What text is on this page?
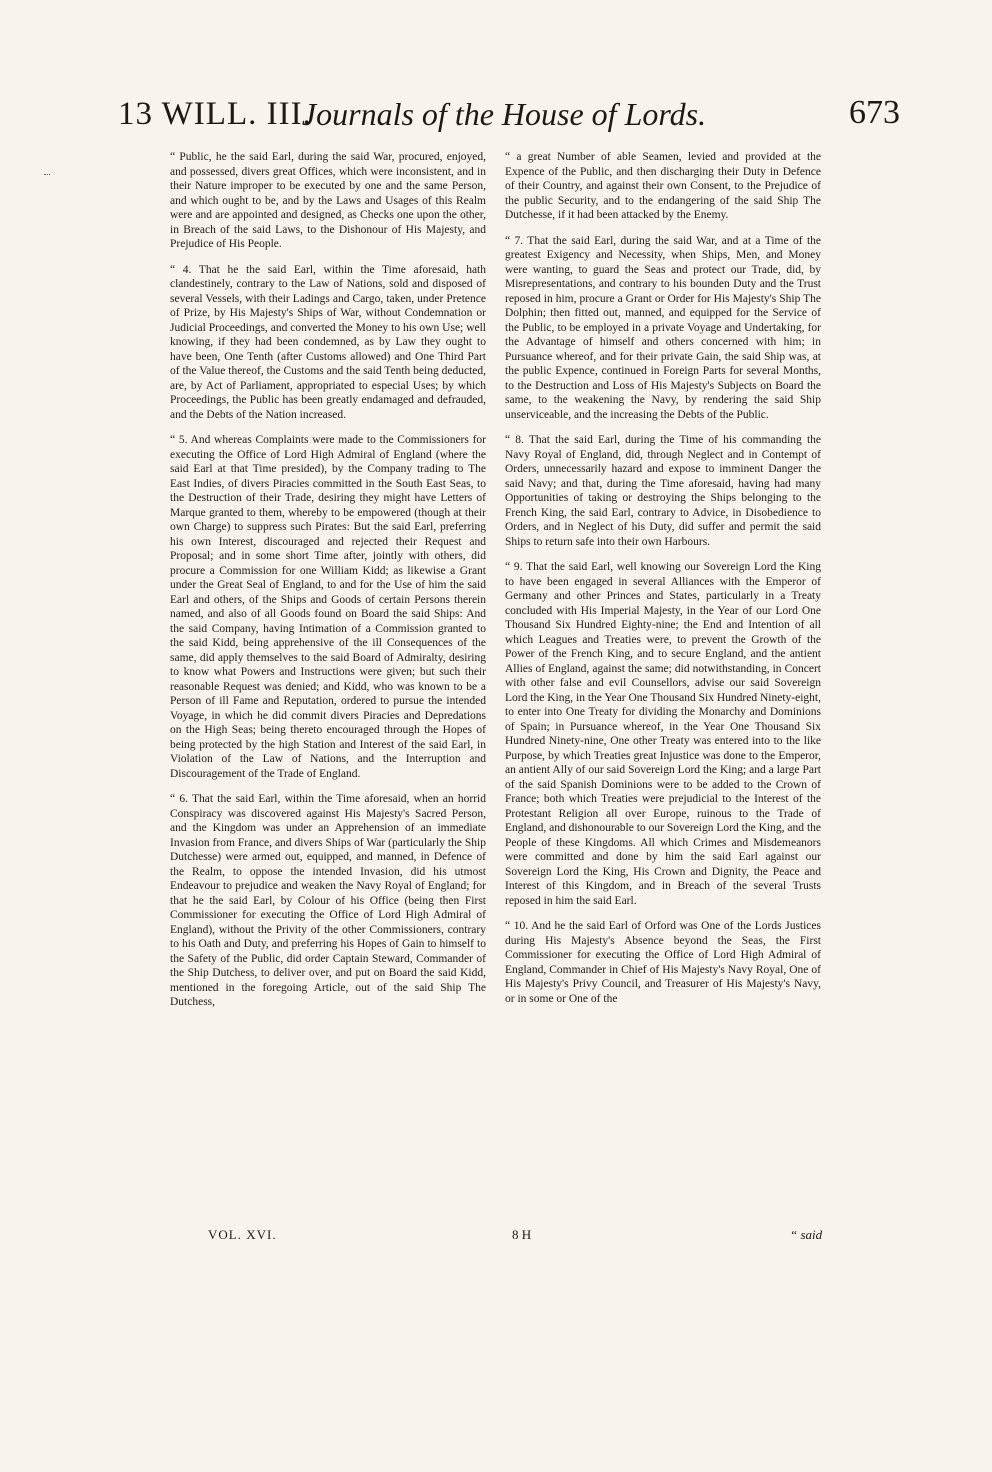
13 WILL. III.
Journals of the House of Lords.	673

“ Public, he the said Earl, during the said War, procured, enjoyed, and possessed, divers great Offices, which were inconsistent, and in their Nature improper to be executed by one and the same Person, and which ought to be, and by the Laws and Usages of this Realm were and are appointed and designed, as Checks one upon the other, in Breach of the said Laws, to the Dishonour of His Majesty, and Prejudice of His People.

“ 4. That he the said Earl, within the Time aforesaid, hath clandestinely, contrary to the Law of Nations, sold and disposed of several Vessels, with their Ladings and Cargo, taken, under Pretence of Prize, by His Majesty's Ships of War, without Condemnation or Judicial Proceedings, and converted the Money to his own Use; well knowing, if they had been condemned, as by Law they ought to have been, One Tenth (after Customs allowed) and One Third Part of the Value thereof, the Customs and the said Tenth being deducted, are, by Act of Parliament, appropriated to especial Uses; by which Proceedings, the Public has been greatly endamaged and defrauded, and the Debts of the Nation increased.

“ 5. And whereas Complaints were made to the Commissioners for executing the Office of Lord High Admiral of England (where the said Earl at that Time presided), by the Company trading to The East Indies, of divers Piracies committed in the South East Seas, to the Destruction of their Trade, desiring they might have Letters of Marque granted to them, whereby to be empowered (though at their own Charge) to suppress such Pirates: But the said Earl, preferring his own Interest, discouraged and rejected their Request and Proposal; and in some short Time after, jointly with others, did procure a Commission for one William Kidd; as likewise a Grant under the Great Seal of England, to and for the Use of him the said Earl and others, of the Ships and Goods of certain Persons therein named, and also of all Goods found on Board the said Ships: And the said Company, having Intimation of a Commission granted to the said Kidd, being apprehensive of the ill Consequences of the same, did apply themselves to the said Board of Admiralty, desiring to know what Powers and Instructions were given; but such their reasonable Request was denied; and Kidd, who was known to be a Person of ill Fame and Reputation, ordered to pursue the intended Voyage, in which he did commit divers Piracies and Depredations on the High Seas; being thereto encouraged through the Hopes of being protected by the high Station and Interest of the said Earl, in Violation of the Law of Nations, and the Interruption and Discouragement of the Trade of England.

“ 6. That the said Earl, within the Time aforesaid, when an horrid Conspiracy was discovered against His Majesty's Sacred Person, and the Kingdom was under an Apprehension of an immediate Invasion from France, and divers Ships of War (particularly the Ship Dutchesse) were armed out, equipped, and manned, in Defence of the Realm, to oppose the intended Invasion, did his utmost Endeavour to prejudice and weaken the Navy Royal of England; for that he the said Earl, by Colour of his Office (being then First Commissioner for executing the Office of Lord High Admiral of England), without the Privity of the other Commissioners, contrary to his Oath and Duty, and preferring his Hopes of Gain to himself to the Safety of the Public, did order Captain Steward, Commander of the Ship Dutchess, to deliver over, and put on Board the said Kidd, mentioned in the foregoing Article, out of the said Ship The Dutchess,

“ a great Number of able Seamen, levied and provided at the Expence of the Public, and then discharging their Duty in Defence of their Country, and against their own Consent, to the Prejudice of the public Security, and to the endangering of the said Ship The Dutchesse, if it had been attacked by the Enemy.

“ 7. That the said Earl, during the said War, and at a Time of the greatest Exigency and Necessity, when Ships, Men, and Money were wanting, to guard the Seas and protect our Trade, did, by Misrepresentations, and contrary to his bounden Duty and the Trust reposed in him, procure a Grant or Order for His Majesty's Ship The Dolphin; then fitted out, manned, and equipped for the Service of the Public, to be employed in a private Voyage and Undertaking, for the Advantage of himself and others concerned with him; in Pursuance whereof, and for their private Gain, the said Ship was, at the public Expence, continued in Foreign Parts for several Months, to the Destruction and Loss of His Majesty's Subjects on Board the same, to the weakening the Navy, by rendering the said Ship unserviceable, and the increasing the Debts of the Public.

“ 8. That the said Earl, during the Time of his commanding the Navy Royal of England, did, through Neglect and in Contempt of Orders, unnecessarily hazard and expose to imminent Danger the said Navy; and that, during the Time aforesaid, having had many Opportunities of taking or destroying the Ships belonging to the French King, the said Earl, contrary to Advice, in Disobedience to Orders, and in Neglect of his Duty, did suffer and permit the said Ships to return safe into their own Harbours.

“ 9. That the said Earl, well knowing our Sovereign Lord the King to have been engaged in several Alliances with the Emperor of Germany and other Princes and States, particularly in a Treaty concluded with His Imperial Majesty, in the Year of our Lord One Thousand Six Hundred Eighty-nine; the End and Intention of all which Leagues and Treaties were, to prevent the Growth of the Power of the French King, and to secure England, and the antient Allies of England, against the same; did notwithstanding, in Concert with other false and evil Counsellors, advise our said Sovereign Lord the King, in the Year One Thousand Six Hundred Ninety-eight, to enter into One Treaty for dividing the Monarchy and Dominions of Spain; in Pursuance whereof, in the Year One Thousand Six Hundred Ninety-nine, One other Treaty was entered into to the like Purpose, by which Treaties great Injustice was done to the Emperor, an antient Ally of our said Sovereign Lord the King; and a large Part of the said Spanish Dominions were to be added to the Crown of France; both which Treaties were prejudicial to the Interest of the Protestant Religion all over Europe, ruinous to the Trade of England, and dishonourable to our Sovereign Lord the King, and the People of these Kingdoms. All which Crimes and Misdemeanors were committed and done by him the said Earl against our Sovereign Lord the King, His Crown and Dignity, the Peace and Interest of this Kingdom, and in Breach of the several Trusts reposed in him the said Earl.

“ 10. And he the said Earl of Orford was One of the Lords Justices during His Majesty's Absence beyond the Seas, the First Commissioner for executing the Office of Lord High Admiral of England, Commander in Chief of His Majesty's Navy Royal, One of His Majesty's Privy Council, and Treasurer of His Majesty's Navy, or in some or One of the

VOL. XVI.	8 H	“ said
